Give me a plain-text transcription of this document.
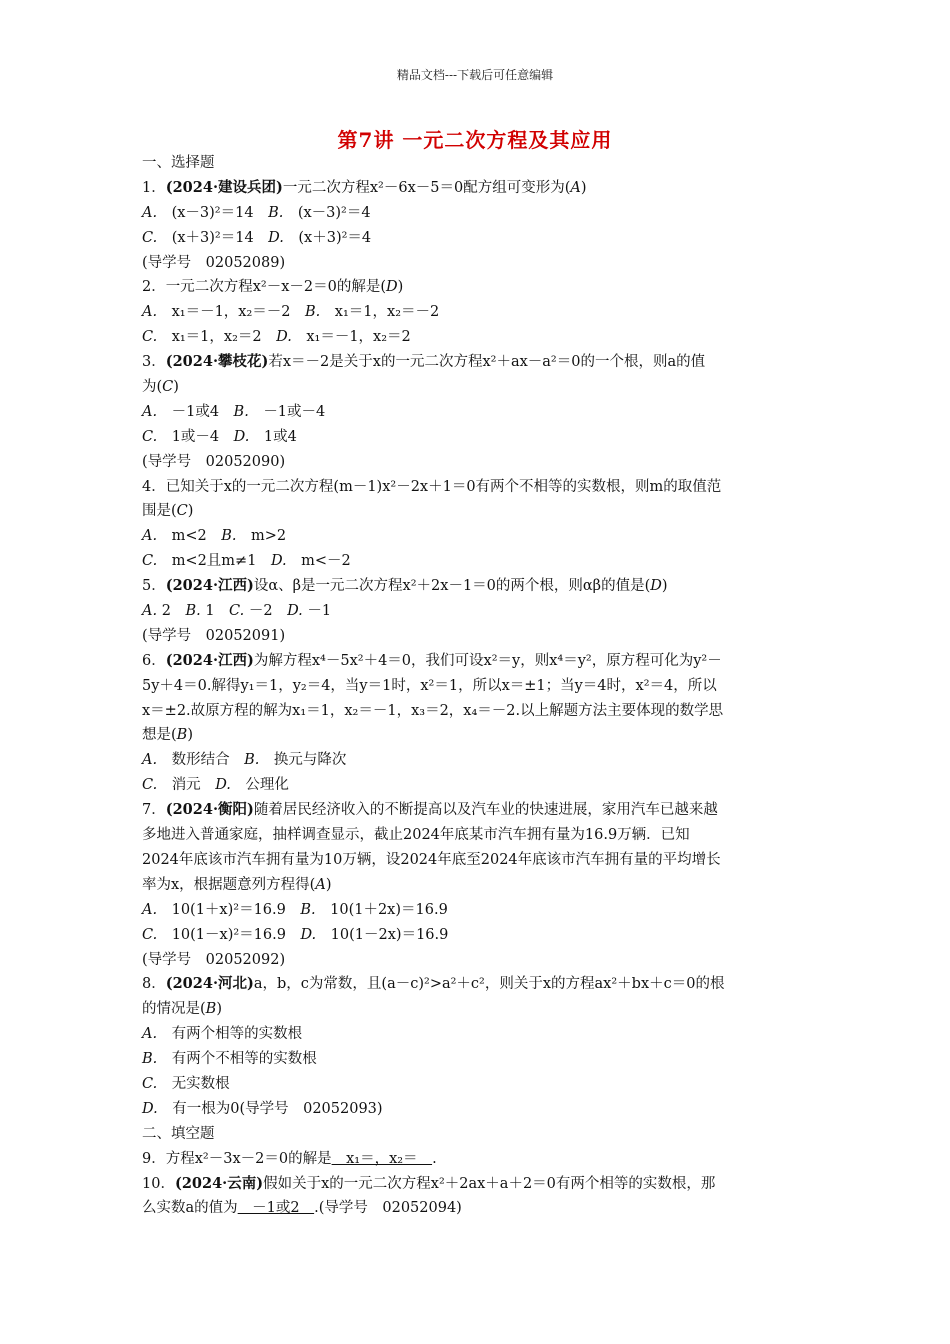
精品文档---下载后可任意编辑
第7讲 一元二次方程及其应用
一、选择题
1．(2024·建设兵团)一元二次方程x²－6x－5＝0配方组可变形为(A)
A.　 (x－3)²＝14　 B.　 (x－3)²＝4
C.　 (x＋3)²＝14　 D.　 (x＋3)²＝4
(导学号　02052089)
2．一元二次方程x²－x－2＝0的解是(D)
A.　 x₁＝－1，x₂＝－2　 B.　 x₁＝1，x₂＝－2
C.　 x₁＝1，x₂＝2　 D.　 x₁＝－1，x₂＝2
3．(2024·攀枝花)若x＝－2是关于x的一元二次方程x²＋ax－a²＝0的一个根，则a的值
为(C)
A.　 －1或4　 B.　 －1或－4
C.　 1或－4　 D.　 1或4
(导学号　02052090)
4．已知关于x的一元二次方程(m－1)x²－2x＋1＝0有两个不相等的实数根，则m的取值范
围是(C)
A.　 m<2　 B.　 m>2
C.　 m<2且m≠1　 D.　 m<－2
5．(2024·江西)设α、β是一元二次方程x²＋2x－1＝0的两个根，则αβ的值是(D)
A. 2　 B. 1　 C. －2　 D. －1
(导学号　02052091)
6．(2024·江西)为解方程x⁴－5x²＋4＝0，我们可设x²＝y，则x⁴＝y²，原方程可化为y²－
5y＋4＝0.解得y₁＝1，y₂＝4，当y＝1时，x²＝1，所以x＝±1；当y＝4时，x²＝4，所以
x＝±2.故原方程的解为x₁＝1，x₂＝－1，x₃＝2，x₄＝－2.以上解题方法主要体现的数学思
想是(B)
A.　 数形结合　 B.　 换元与降次
C.　 消元　 D.　 公理化
7．(2024·衡阳)随着居民经济收入的不断提高以及汽车业的快速进展，家用汽车已越来越
多地进入普通家庭，抽样调查显示，截止2024年底某市汽车拥有量为16.9万辆．已知
2024年底该市汽车拥有量为10万辆，设2024年底至2024年底该市汽车拥有量的平均增长
率为x，根据题意列方程得(A)
A.　 10(1＋x)²＝16.9　 B.　 10(1＋2x)＝16.9
C.　 10(1－x)²＝16.9　 D.　 10(1－2x)＝16.9
(导学号　02052092)
8．(2024·河北)a，b，c为常数，且(a－c)²>a²＋c²，则关于x的方程ax²＋bx＋c＝0的根
的情况是(B)
A.　 有两个相等的实数根
B.　 有两个不相等的实数根
C.　 无实数根
D.　 有一根为0(导学号　02052093)
二、填空题
9．方程x²－3x－2＝0的解是　x₁＝，x₂＝　.
10．(2024·云南)假如关于x的一元二次方程x²＋2ax＋a＋2＝0有两个相等的实数根，那
么实数a的值为　－1或2　.(导学号　02052094)
